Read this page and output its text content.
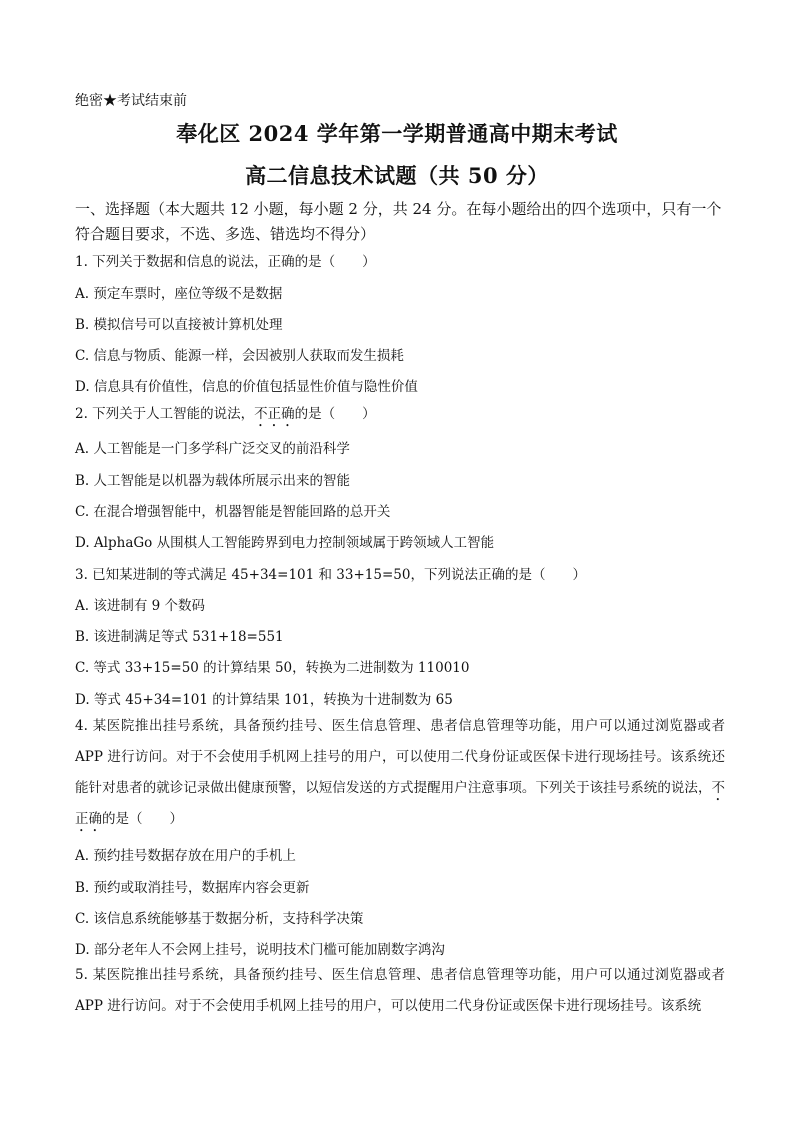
绝密★考试结束前
奉化区 2024 学年第一学期普通高中期末考试
高二信息技术试题（共 50 分）
一、选择题（本大题共 12 小题，每小题 2 分，共 24 分。在每小题给出的四个选项中，只有一个符合题目要求，不选、多选、错选均不得分）
1. 下列关于数据和信息的说法，正确的是（　　）
A. 预定车票时，座位等级不是数据
B. 模拟信号可以直接被计算机处理
C. 信息与物质、能源一样，会因被别人获取而发生损耗
D. 信息具有价值性，信息的价值包括显性价值与隐性价值
2. 下列关于人工智能的说法，不正确的是（　　）
A. 人工智能是一门多学科广泛交叉的前沿科学
B. 人工智能是以机器为载体所展示出来的智能
C. 在混合增强智能中，机器智能是智能回路的总开关
D. AlphaGo 从围棋人工智能跨界到电力控制领域属于跨领域人工智能
3. 已知某进制的等式满足 45+34=101 和 33+15=50，下列说法正确的是（　　）
A. 该进制有 9 个数码
B. 该进制满足等式 531+18=551
C. 等式 33+15=50 的计算结果 50，转换为二进制数为 110010
D. 等式 45+34=101 的计算结果 101，转换为十进制数为 65
4. 某医院推出挂号系统，具备预约挂号、医生信息管理、患者信息管理等功能，用户可以通过浏览器或者 APP 进行访问。对于不会使用手机网上挂号的用户，可以使用二代身份证或医保卡进行现场挂号。该系统还能针对患者的就诊记录做出健康预警，以短信发送的方式提醒用户注意事项。下列关于该挂号系统的说法，不正确的是（　　）
A. 预约挂号数据存放在用户的手机上
B. 预约或取消挂号，数据库内容会更新
C. 该信息系统能够基于数据分析，支持科学决策
D. 部分老年人不会网上挂号，说明技术门槛可能加剧数字鸿沟
5. 某医院推出挂号系统，具备预约挂号、医生信息管理、患者信息管理等功能，用户可以通过浏览器或者 APP 进行访问。对于不会使用手机网上挂号的用户，可以使用二代身份证或医保卡进行现场挂号。该系统
